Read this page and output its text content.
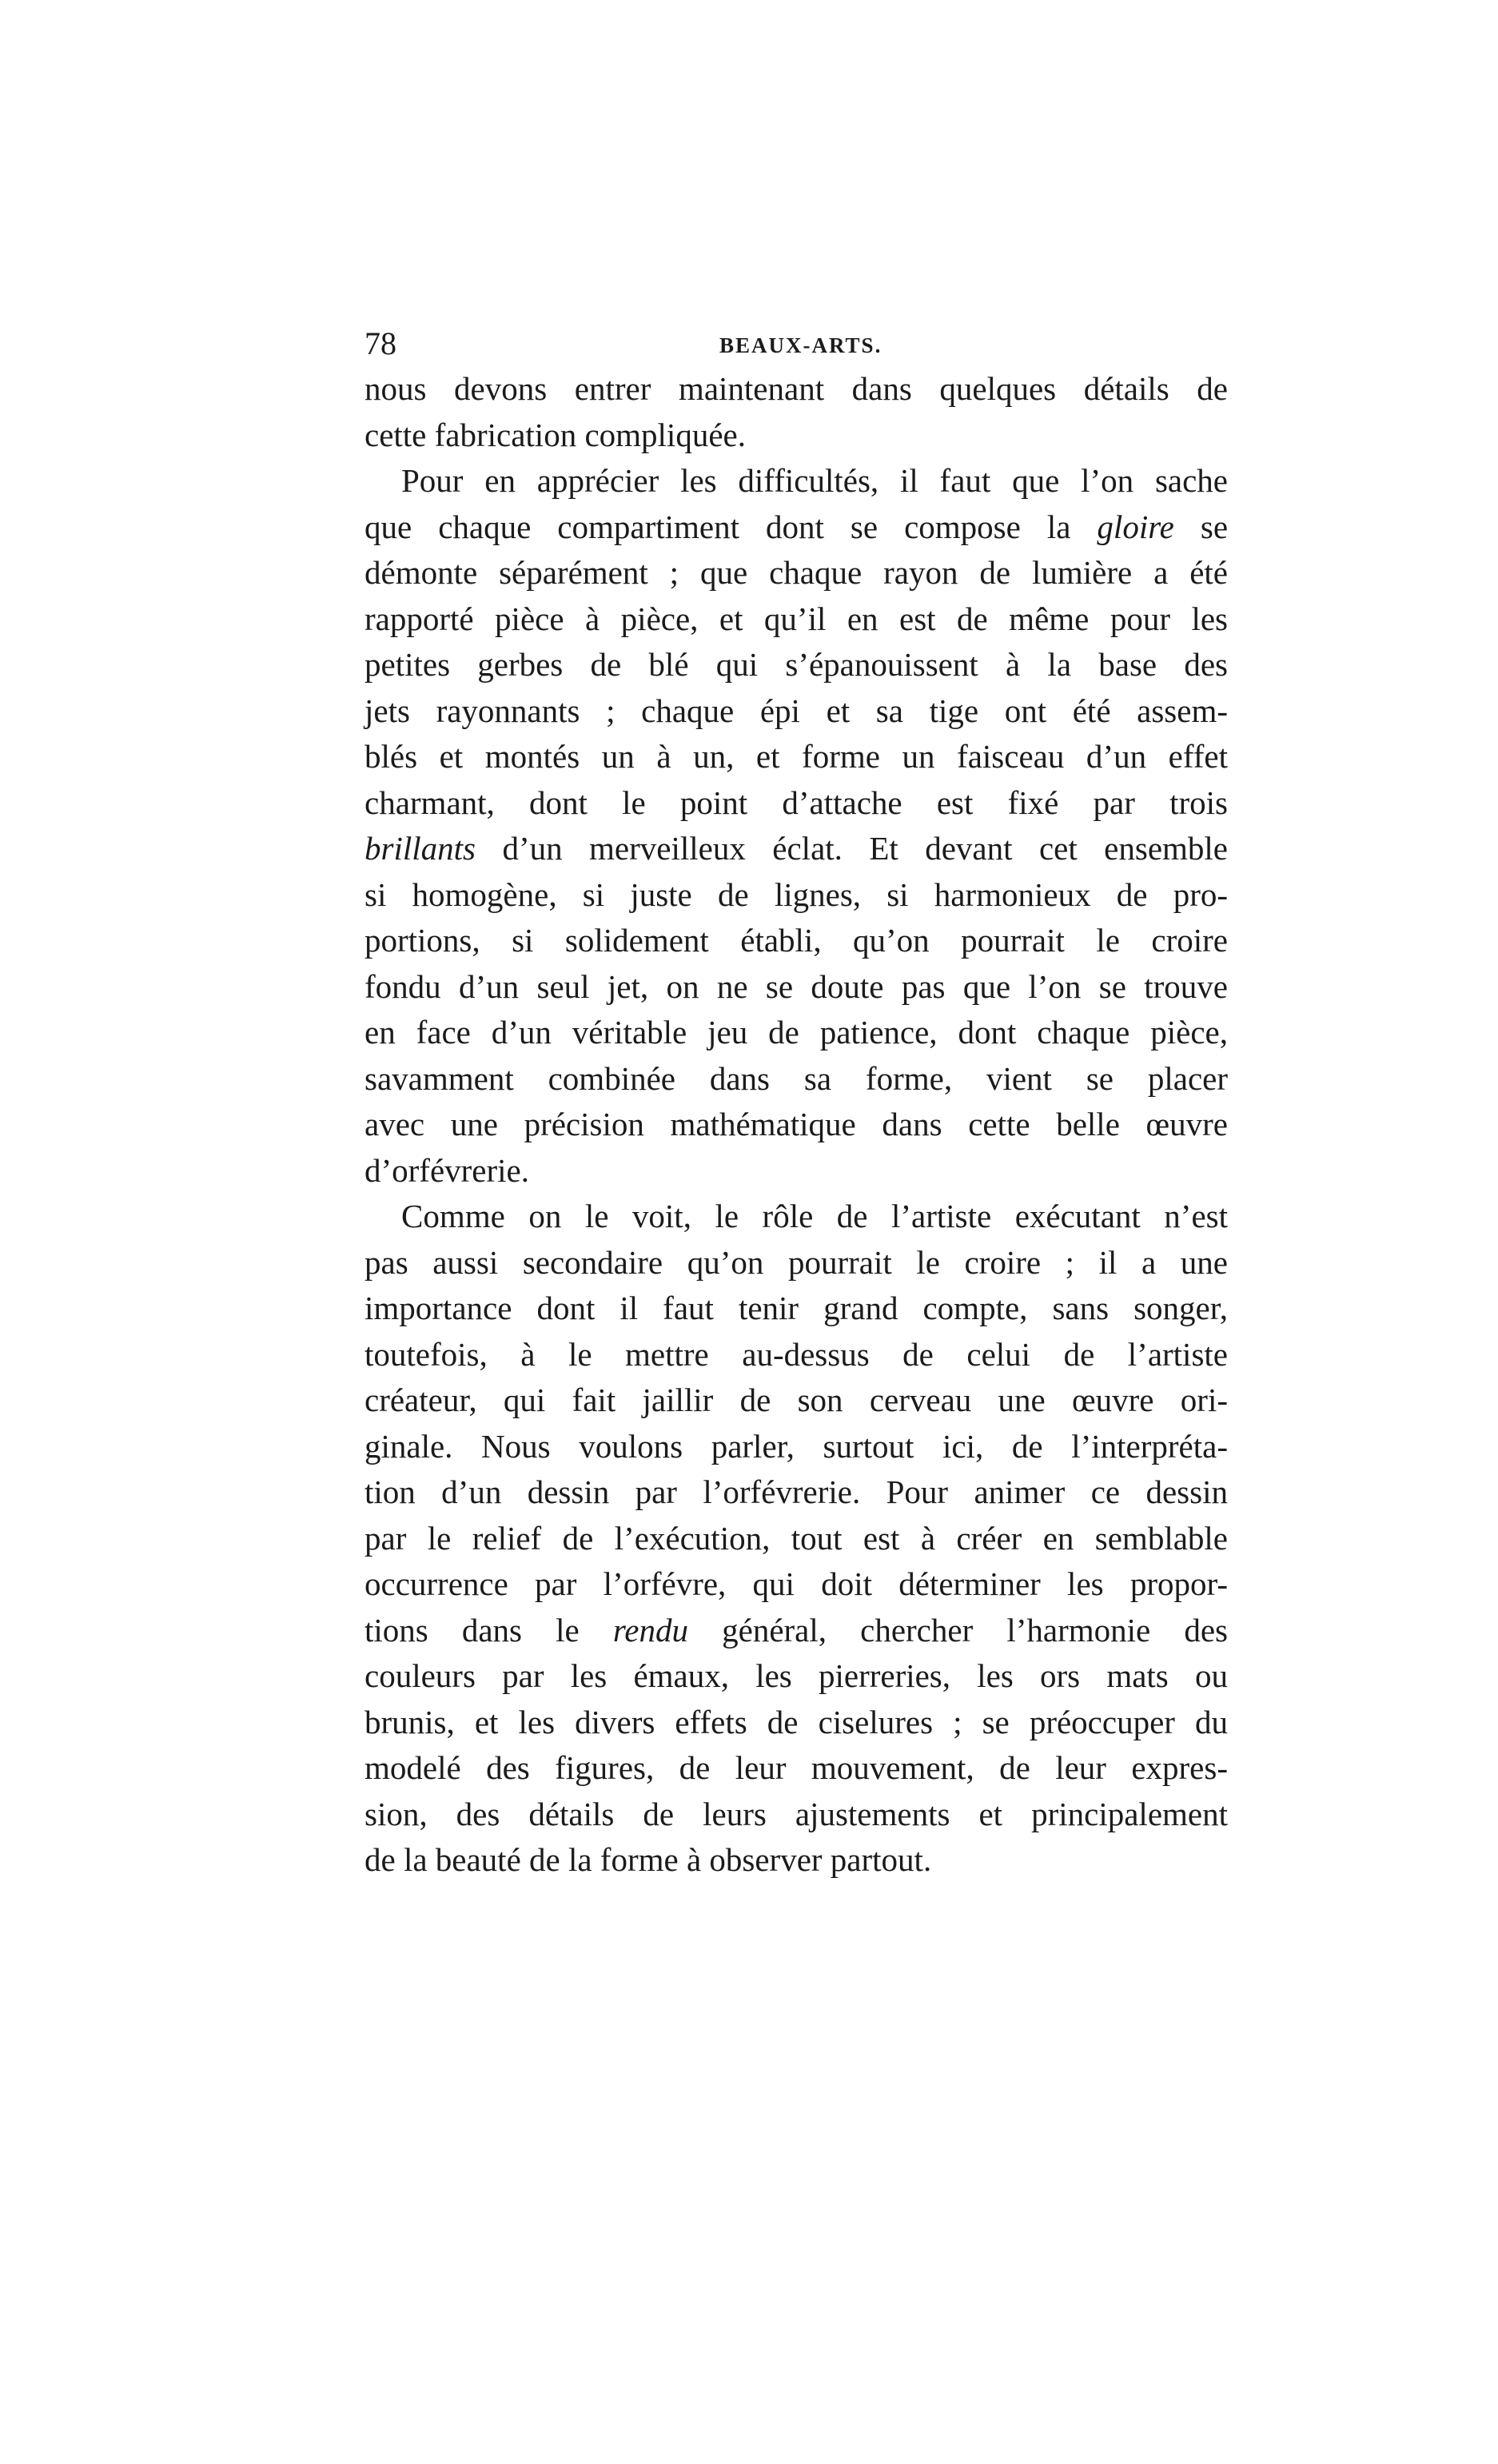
78	BEAUX-ARTS.
nous devons entrer maintenant dans quelques détails de
cette fabrication compliquée.
Pour en apprécier les difficultés, il faut que l’on sache
que chaque compartiment dont se compose la gloire se
démonte séparément ; que chaque rayon de lumière a été
rapporté pièce à pièce, et qu’il en est de même pour les
petites gerbes de blé qui s’épanouissent à la base des
jets rayonnants ; chaque épi et sa tige ont été assem-
blés et montés un à un, et forme un faisceau d’un effet
charmant, dont le point d’attache est fixé par trois
brillants d’un merveilleux éclat. Et devant cet ensemble
si homogène, si juste de lignes, si harmonieux de pro-
portions, si solidement établi, qu’on pourrait le croire
fondu d’un seul jet, on ne se doute pas que l’on se trouve
en face d’un véritable jeu de patience, dont chaque pièce,
savamment combinée dans sa forme, vient se placer
avec une précision mathématique dans cette belle œuvre
d’orfévrerie.
Comme on le voit, le rôle de l’artiste exécutant n’est
pas aussi secondaire qu’on pourrait le croire ; il a une
importance dont il faut tenir grand compte, sans songer,
toutefois, à le mettre au-dessus de celui de l’artiste
créateur, qui fait jaillir de son cerveau une œuvre ori-
ginale. Nous voulons parler, surtout ici, de l’interpréta-
tion d’un dessin par l’orfévrerie. Pour animer ce dessin
par le relief de l’exécution, tout est à créer en semblable
occurrence par l’orfévre, qui doit déterminer les propor-
tions dans le rendu général, chercher l’harmonie des
couleurs par les émaux, les pierreries, les ors mats ou
brunis, et les divers effets de ciselures ; se préoccuper du
modelé des figures, de leur mouvement, de leur expres-
sion, des détails de leurs ajustements et principalement
de la beauté de la forme à observer partout.
